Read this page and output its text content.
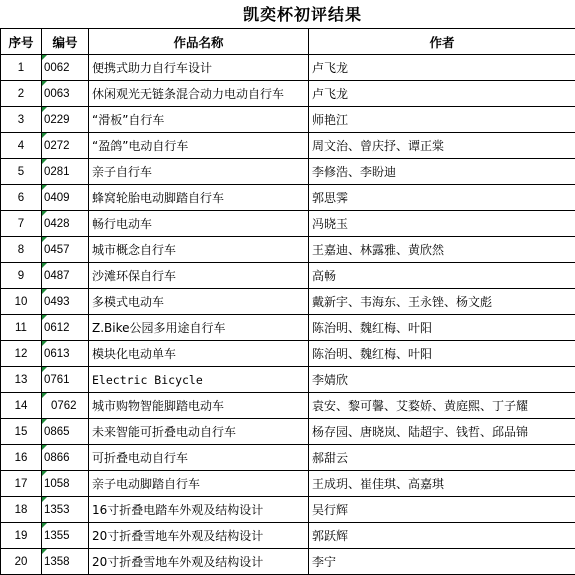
凯奕杯初评结果
序号	编号	作品名称	作者
1	0062	便携式助力自行车设计	卢飞龙
2	0063	休闲观光无链条混合动力电动自行车	卢飞龙
3	0229	“滑板”自行车	师艳江
4	0272	“盈鸽”电动自行车	周文治、曾庆抒、谭正棠
5	0281	亲子自行车	李修浩、李盼迪
6	0409	蜂窝轮胎电动脚踏自行车	郭思霁
7	0428	畅行电动车	冯晓玉
8	0457	城市概念自行车	王嘉迪、林露雅、黄欣然
9	0487	沙滩环保自行车	高畅
10	0493	多模式电动车	戴新宇、韦海东、王永锉、杨文彪
11	0612	Z.Bike公园多用途自行车	陈治明、魏红梅、叶阳
12	0613	模块化电动单车	陈治明、魏红梅、叶阳
13	0761	Electric Bicycle	李婧欣
14	0762	城市购物智能脚踏电动车	袁安、黎可馨、艾婺娇、黄庭熙、丁子耀
15	0865	未来智能可折叠电动自行车	杨存园、唐晓岚、陆超宇、钱哲、邱品锦
16	0866	可折叠电动自行车	郝甜云
17	1058	亲子电动脚踏自行车	王成玥、崔佳琪、高嘉琪
18	1353	16寸折叠电踏车外观及结构设计	吴行辉
19	1355	20寸折叠雪地车外观及结构设计	郭跃辉
20	1358	20寸折叠雪地车外观及结构设计	李宁
